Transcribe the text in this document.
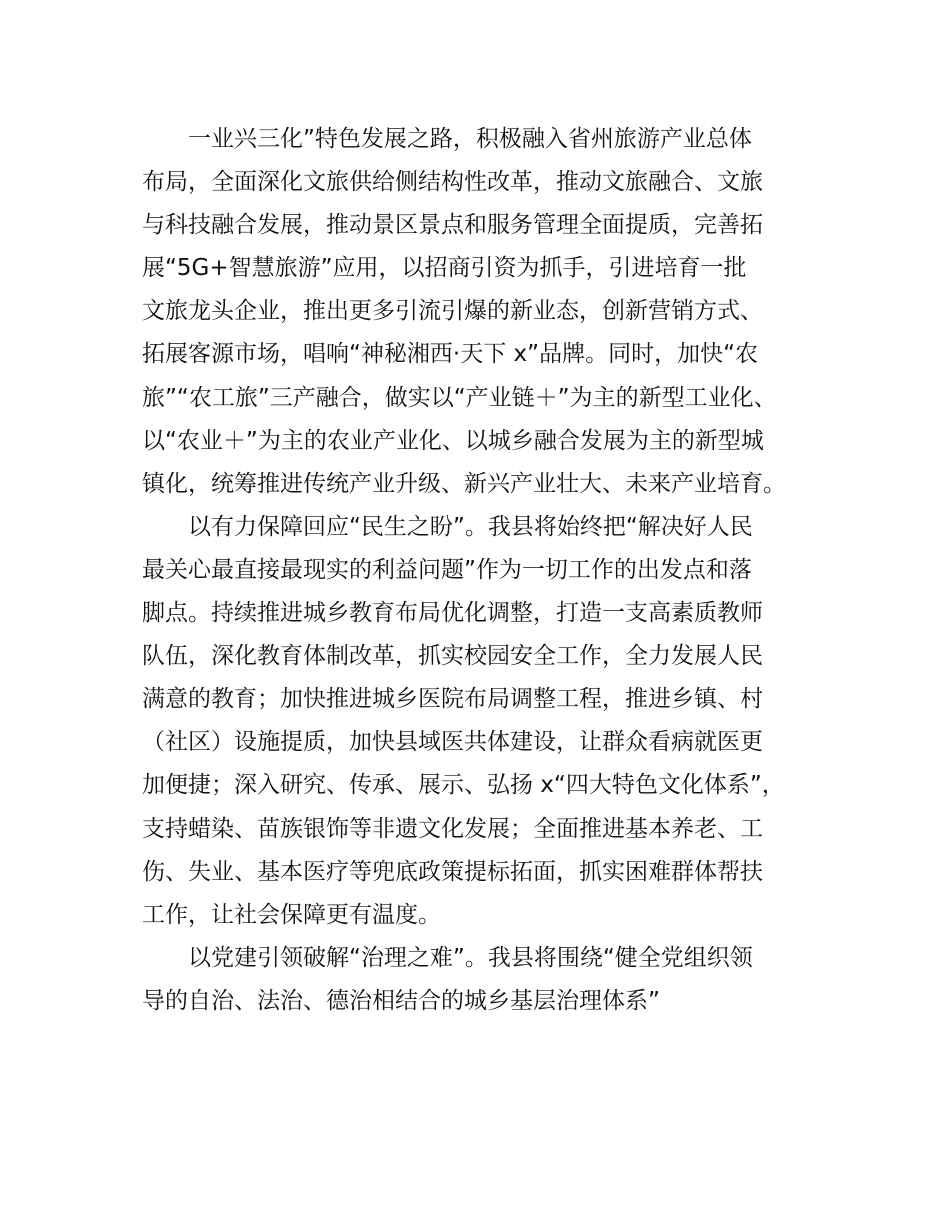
一业兴三化”特色发展之路，积极融入省州旅游产业总体
布局，全面深化文旅供给侧结构性改革，推动文旅融合、文旅
与科技融合发展，推动景区景点和服务管理全面提质，完善拓
展“5G+智慧旅游”应用，以招商引资为抓手，引进培育一批
文旅龙头企业，推出更多引流引爆的新业态，创新营销方式、
拓展客源市场，唱响“神秘湘西·天下 x”品牌。同时，加快“农
旅”“农工旅”三产融合，做实以“产业链＋”为主的新型工业化、
以“农业＋”为主的农业产业化、以城乡融合发展为主的新型城
镇化，统筹推进传统产业升级、新兴产业壮大、未来产业培育。
以有力保障回应“民生之盼”。我县将始终把“解决好人民
最关心最直接最现实的利益问题”作为一切工作的出发点和落
脚点。持续推进城乡教育布局优化调整，打造一支高素质教师
队伍，深化教育体制改革，抓实校园安全工作，全力发展人民
满意的教育；加快推进城乡医院布局调整工程，推进乡镇、村
（社区）设施提质，加快县域医共体建设，让群众看病就医更
加便捷；深入研究、传承、展示、弘扬 x“四大特色文化体系”，
支持蜡染、苗族银饰等非遗文化发展；全面推进基本养老、工
伤、失业、基本医疗等兜底政策提标拓面，抓实困难群体帮扶
工作，让社会保障更有温度。
以党建引领破解“治理之难”。我县将围绕“健全党组织领
导的自治、法治、德治相结合的城乡基层治理体系”
